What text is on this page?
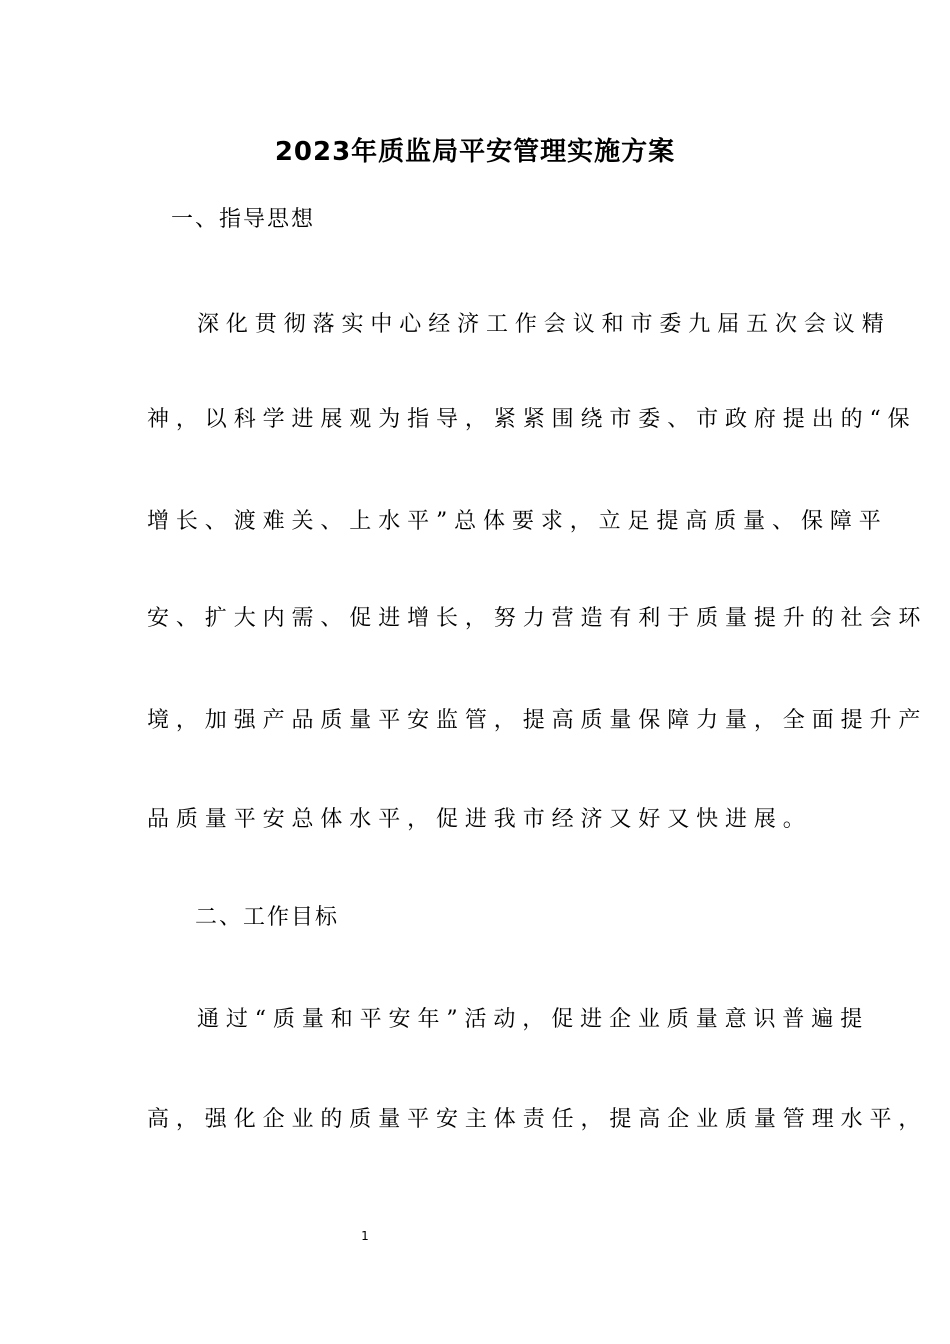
2023年质监局平安管理实施方案
一、指导思想
深化贯彻落实中心经济工作会议和市委九届五次会议精
神，以科学进展观为指导，紧紧围绕市委、市政府提出的“保
增长、渡难关、上水平”总体要求，立足提高质量、保障平
安、扩大内需、促进增长，努力营造有利于质量提升的社会环
境，加强产品质量平安监管，提高质量保障力量，全面提升产
品质量平安总体水平，促进我市经济又好又快进展。
二、工作目标
通过“质量和平安年”活动，促进企业质量意识普遍提
高，强化企业的质量平安主体责任，提高企业质量管理水平，
1
